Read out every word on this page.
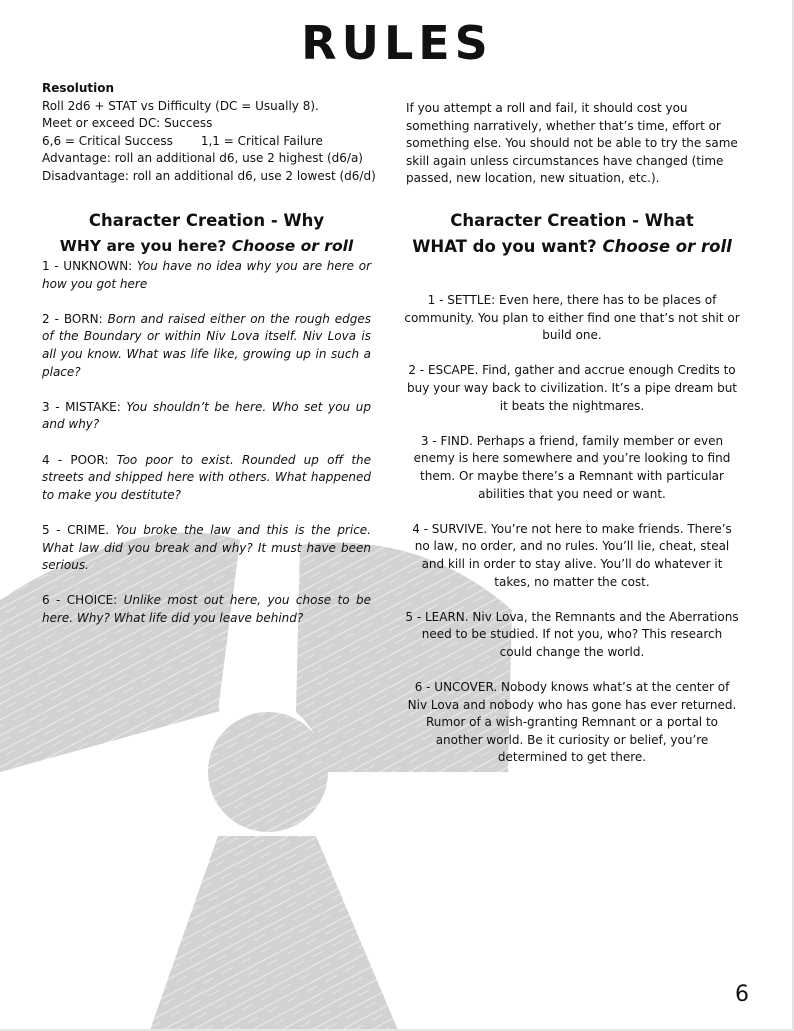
RULES
Resolution
Roll 2d6 + STAT vs Difficulty (DC = Usually 8).
Meet or exceed DC: Success
6,6 = Critical Success 1,1 = Critical Failure
Advantage: roll an additional d6, use 2 highest (d6/a)
Disadvantage: roll an additional d6, use 2 lowest (d6/d)
If you attempt a roll and fail, it should cost you something narratively, whether that’s time, effort or something else. You should not be able to try the same skill again unless circumstances have changed (time passed, new location, new situation, etc.).
Character Creation - Why
WHY are you here? Choose or roll
1 - UNKNOWN: You have no idea why you are here or how you got here
2 - BORN: Born and raised either on the rough edges of the Boundary or within Niv Lova itself. Niv Lova is all you know. What was life like, growing up in such a place?
3 - MISTAKE: You shouldn’t be here. Who set you up and why?
4 - POOR: Too poor to exist. Rounded up off the streets and shipped here with others. What happened to make you destitute?
5 - CRIME. You broke the law and this is the price. What law did you break and why? It must have been serious.
6 - CHOICE: Unlike most out here, you chose to be here. Why? What life did you leave behind?
Character Creation - What
WHAT do you want? Choose or roll
1 - SETTLE: Even here, there has to be places of community. You plan to either find one that’s not shit or build one.
2 - ESCAPE. Find, gather and accrue enough Credits to buy your way back to civilization. It’s a pipe dream but it beats the nightmares.
3 - FIND. Perhaps a friend, family member or even enemy is here somewhere and you’re looking to find them. Or maybe there’s a Remnant with particular abilities that you need or want.
4 - SURVIVE. You’re not here to make friends. There’s no law, no order, and no rules. You’ll lie, cheat, steal and kill in order to stay alive. You’ll do whatever it takes, no matter the cost.
5 - LEARN. Niv Lova, the Remnants and the Aberrations need to be studied. If not you, who? This research could change the world.
6 - UNCOVER. Nobody knows what’s at the center of Niv Lova and nobody who has gone has ever returned. Rumor of a wish-granting Remnant or a portal to another world. Be it curiosity or belief, you’re determined to get there.
6
